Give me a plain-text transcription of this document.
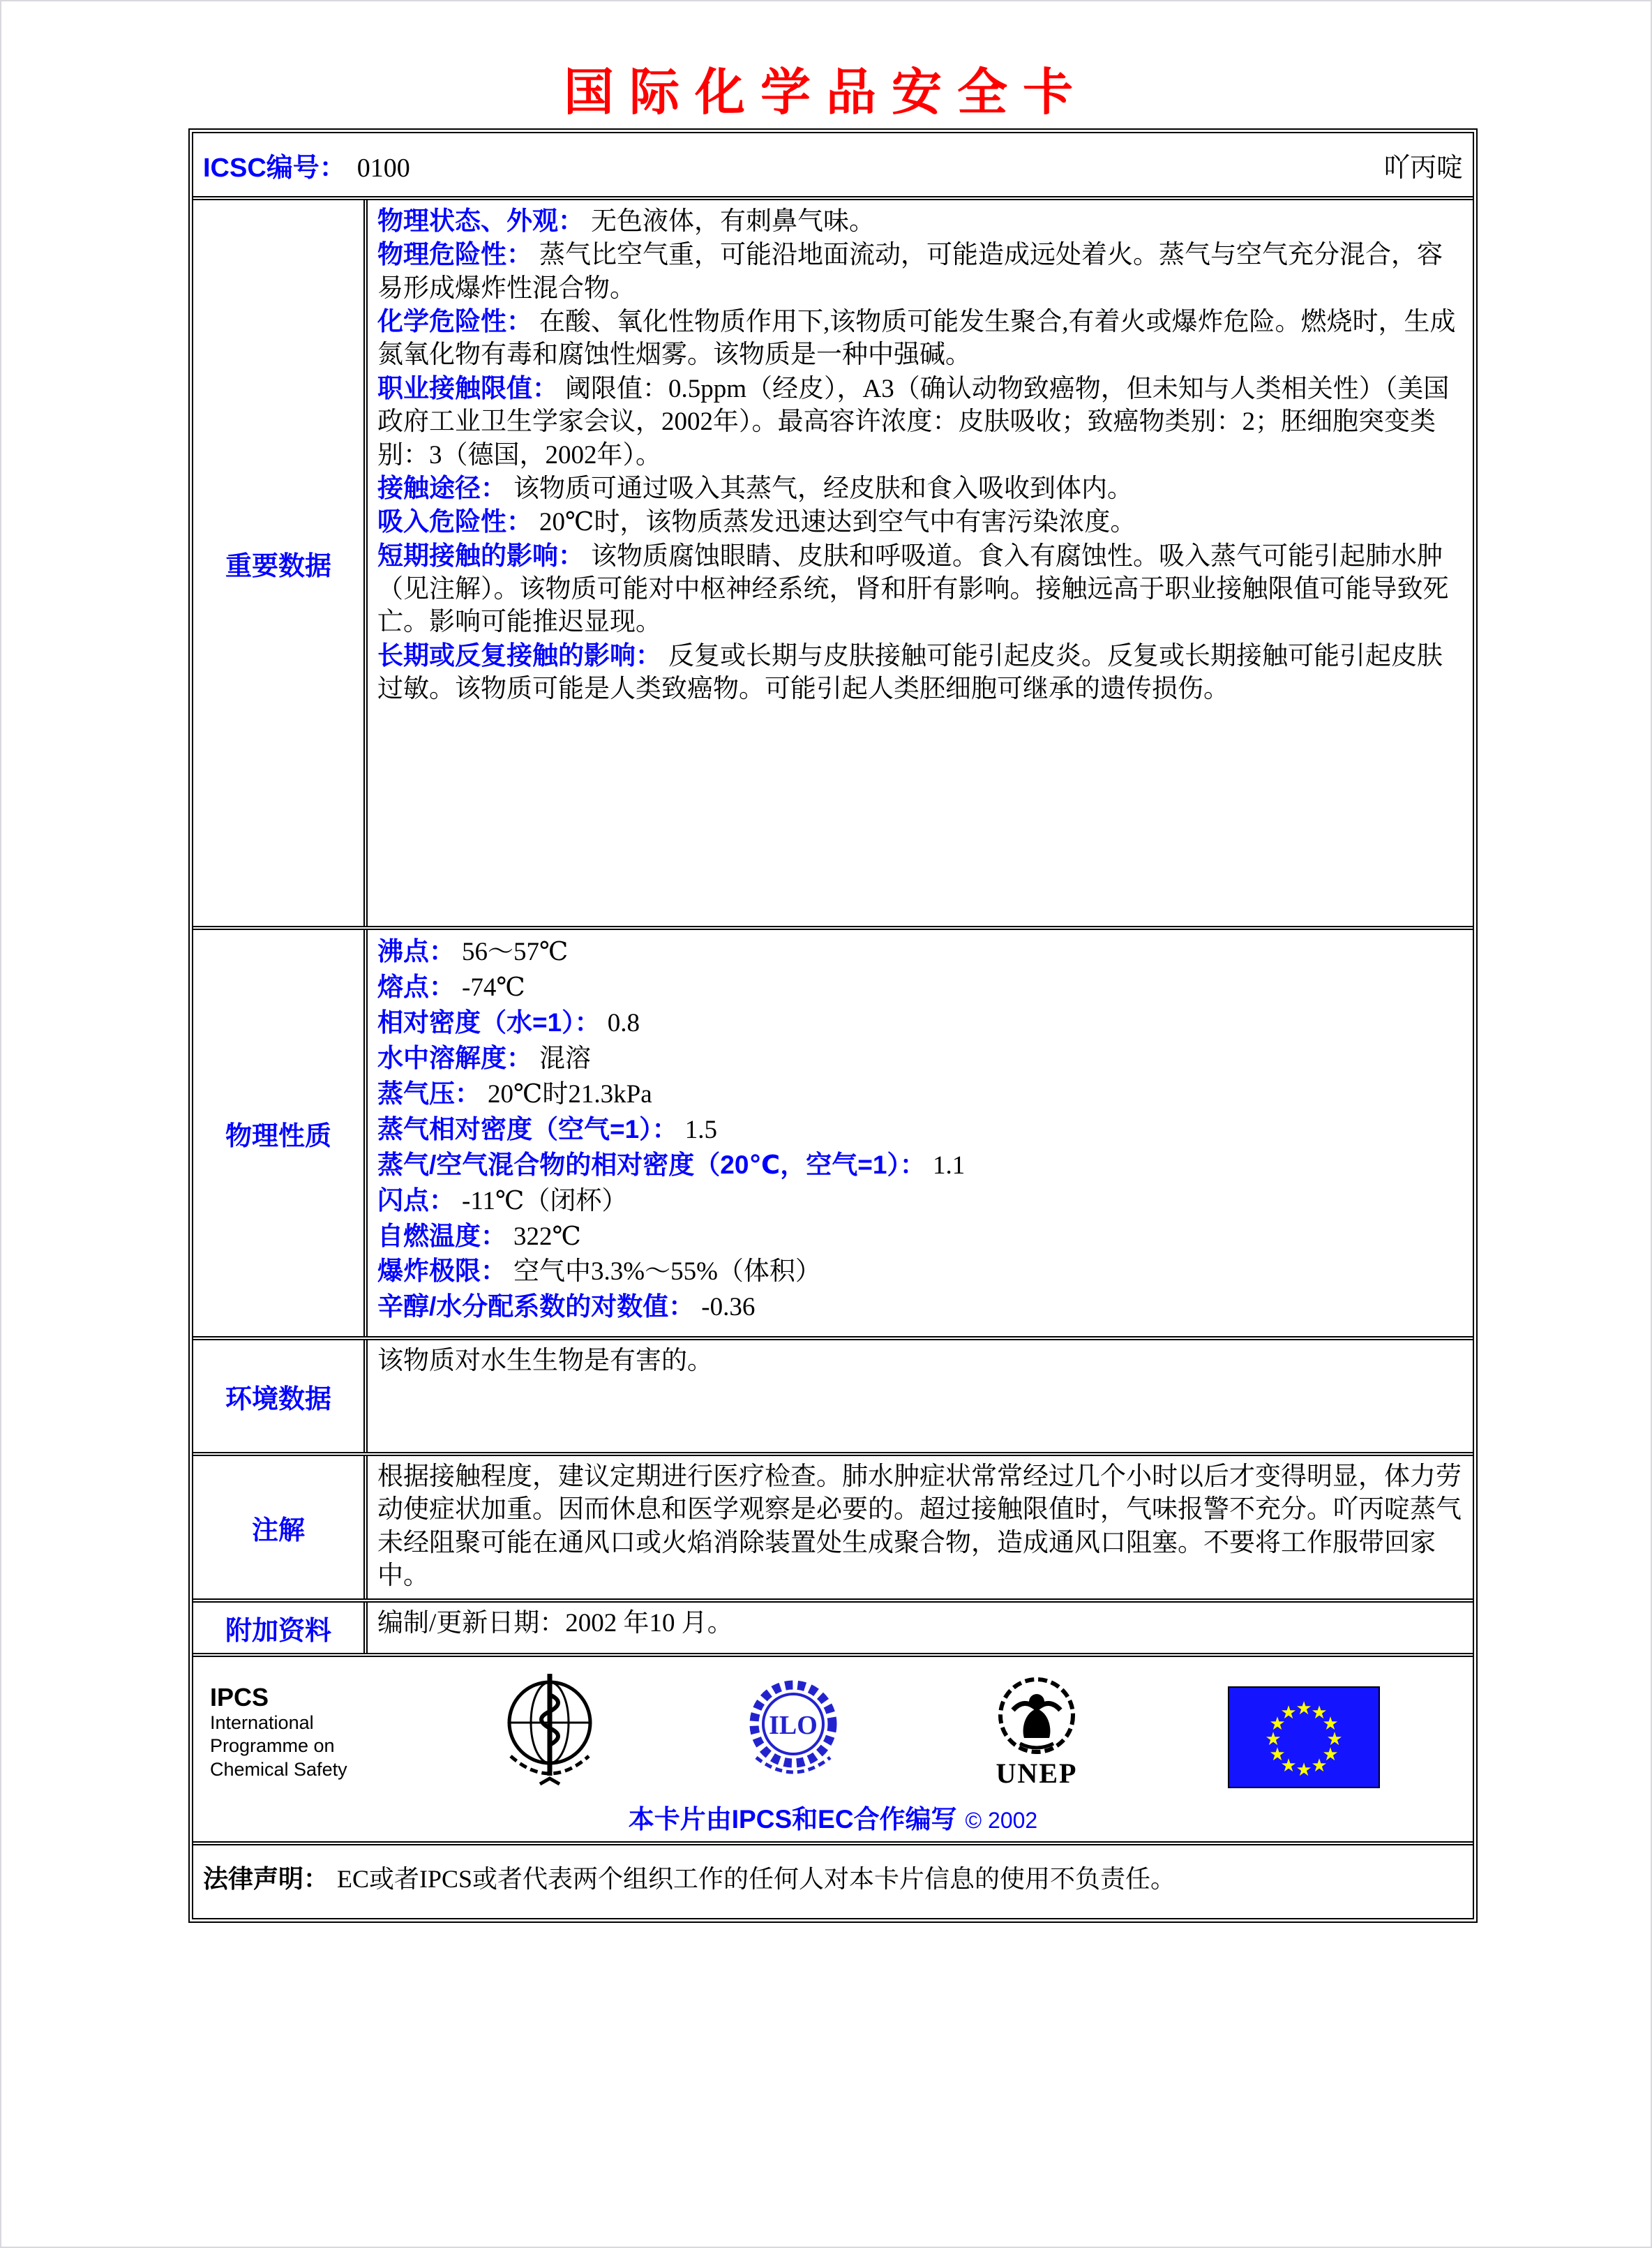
国际化学品安全卡
ICSC编号： 0100	吖丙啶
重要数据
物理状态、外观： 无色液体，有刺鼻气味。
物理危险性： 蒸气比空气重，可能沿地面流动，可能造成远处着火。蒸气与空气充分混合，容易形成爆炸性混合物。
化学危险性： 在酸、氧化性物质作用下,该物质可能发生聚合,有着火或爆炸危险。燃烧时，生成氮氧化物有毒和腐蚀性烟雾。该物质是一种中强碱。
职业接触限值： 阈限值：0.5ppm（经皮），A3（确认动物致癌物，但未知与人类相关性）（美国政府工业卫生学家会议，2002年）。最高容许浓度：皮肤吸收；致癌物类别：2；胚细胞突变类别：3（德国，2002年）。
接触途径： 该物质可通过吸入其蒸气，经皮肤和食入吸收到体内。
吸入危险性： 20℃时，该物质蒸发迅速达到空气中有害污染浓度。
短期接触的影响： 该物质腐蚀眼睛、皮肤和呼吸道。食入有腐蚀性。吸入蒸气可能引起肺水肿（见注解）。该物质可能对中枢神经系统，肾和肝有影响。接触远高于职业接触限值可能导致死亡。影响可能推迟显现。
长期或反复接触的影响： 反复或长期与皮肤接触可能引起皮炎。反复或长期接触可能引起皮肤过敏。该物质可能是人类致癌物。可能引起人类胚细胞可继承的遗传损伤。
物理性质
沸点： 56～57℃
熔点： -74℃
相对密度（水=1）： 0.8
水中溶解度： 混溶
蒸气压： 20℃时21.3kPa
蒸气相对密度（空气=1）： 1.5
蒸气/空气混合物的相对密度（20℃，空气=1）： 1.1
闪点： -11℃（闭杯）
自燃温度： 322℃
爆炸极限： 空气中3.3%～55%（体积）
辛醇/水分配系数的对数值： -0.36
环境数据
该物质对水生生物是有害的。
注解
根据接触程度，建议定期进行医疗检查。肺水肿症状常常经过几个小时以后才变得明显，体力劳动使症状加重。因而休息和医学观察是必要的。超过接触限值时，气味报警不充分。吖丙啶蒸气未经阻聚可能在通风口或火焰消除装置处生成聚合物，造成通风口阻塞。不要将工作服带回家中。
附加资料	编制/更新日期：2002 年10 月。
IPCS
International
Programme on
Chemical Safety
ILO
UNEP
★
★
★
★
★
★
★
★
★
★
★
★
本卡片由IPCS和EC合作编写 © 2002
法律声明： EC或者IPCS或者代表两个组织工作的任何人对本卡片信息的使用不负责任。
